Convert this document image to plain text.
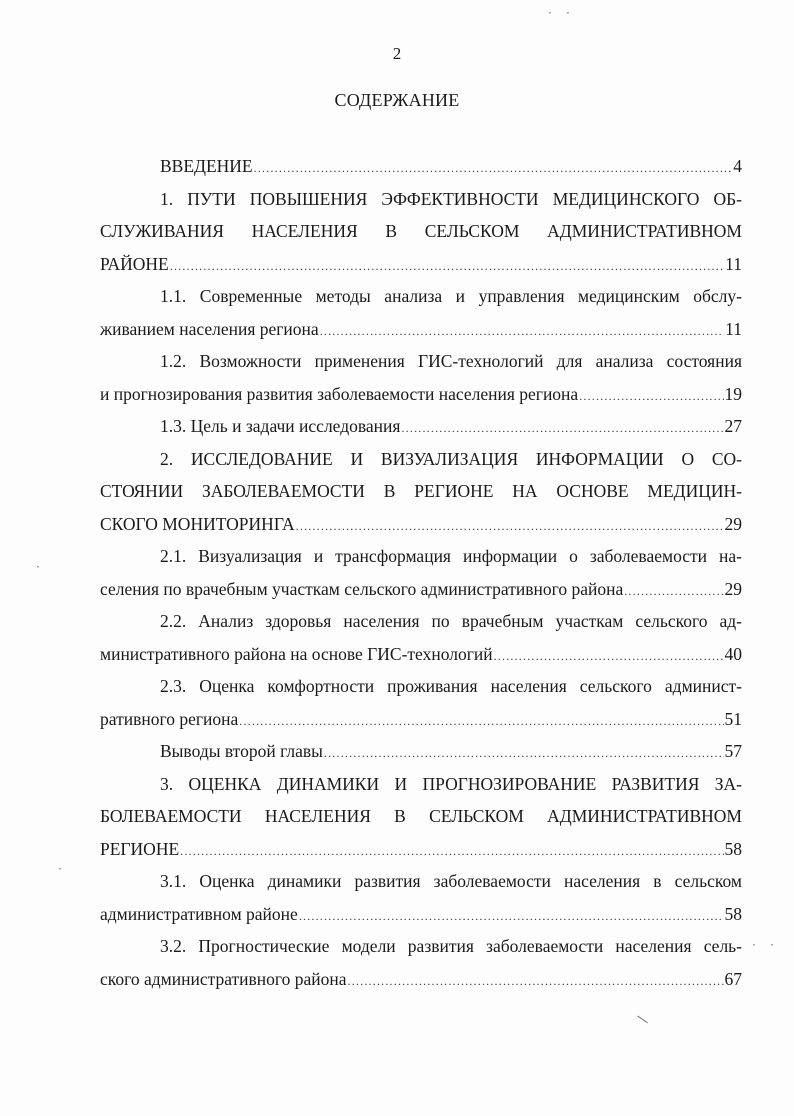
2
СОДЕРЖАНИЕ
ВВЕДЕНИЕ .....	4
1. ПУТИ ПОВЫШЕНИЯ ЭФФЕКТИВНОСТИ МЕДИЦИНСКОГО ОБ-
СЛУЖИВАНИЯ НАСЕЛЕНИЯ В СЕЛЬСКОМ АДМИНИСТРАТИВНОМ
РАЙОНЕ .....	11
1.1. Современные методы анализа и управления медицинским обслу-
живанием населения региона .....	11
1.2. Возможности применения ГИС-технологий для анализа состояния
и прогнозирования развития заболеваемости населения региона .....	19
1.3. Цель и задачи исследования .....	27
2. ИССЛЕДОВАНИЕ И ВИЗУАЛИЗАЦИЯ ИНФОРМАЦИИ О СО-
СТОЯНИИ ЗАБОЛЕВАЕМОСТИ В РЕГИОНЕ НА ОСНОВЕ МЕДИЦИН-
СКОГО МОНИТОРИНГА .....	29
2.1. Визуализация и трансформация информации о заболеваемости на-
селения по врачебным участкам сельского административного района .....	29
2.2. Анализ здоровья населения по врачебным участкам сельского ад-
министративного района на основе ГИС-технологий .....	40
2.3. Оценка комфортности проживания населения сельского админист-
ративного региона .....	51
Выводы второй главы .....	57
3. ОЦЕНКА ДИНАМИКИ И ПРОГНОЗИРОВАНИЕ РАЗВИТИЯ ЗА-
БОЛЕВАЕМОСТИ НАСЕЛЕНИЯ В СЕЛЬСКОМ АДМИНИСТРАТИВНОМ
РЕГИОНЕ .....	58
3.1. Оценка динамики развития заболеваемости населения в сельском
административном районе .....	58
3.2. Прогностические модели развития заболеваемости населения сель-
ского административного района .....	67
· ·
· ·
·
·
|
